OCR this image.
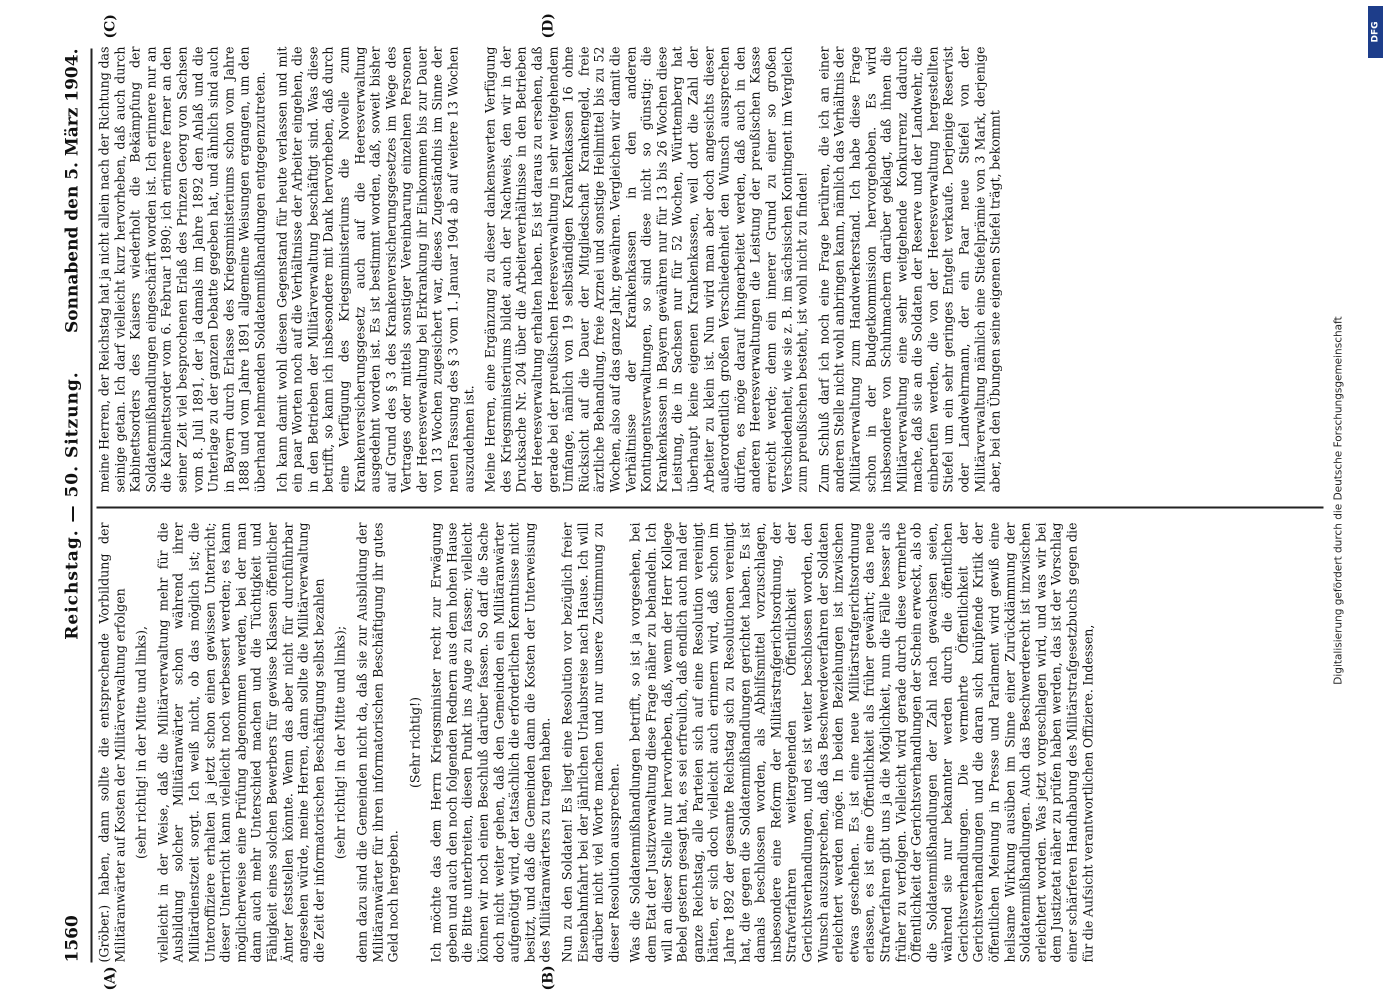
1560
Reichstag. — 50. Sitzung.
Sonnabend den 5. März 1904.
(A)	(B)
(C)	(D)

(Gröber.) haben, dann sollte die entsprechende Vorbildung der Militäranwärter auf Kosten der Militärverwaltung erfolgen (sehr richtig! in der Mitte und links), vielleicht in der Weise, daß die Militärverwaltung mehr für die Ausbildung solcher Militäranwärter schon während ihrer Militärdienstzeit sorgt. Ich weiß nicht, ob das möglich ist; die Unteroffiziere erhalten ja jetzt schon einen gewissen Unterricht; dieser Unterricht kann vielleicht noch verbessert werden; es kann möglicherweise eine Prüfung abgenommen werden, bei der man dann auch mehr Unterschied machen und die Tüchtigkeit und Fähigkeit eines solchen Bewerbers für gewisse Klassen öffentlicher Ämter feststellen könnte. Wenn das aber nicht für durchführbar angesehen würde, meine Herren, dann sollte die Militärverwaltung die Zeit der informatorischen Beschäftigung selbst bezahlen (sehr richtig! in der Mitte und links); denn dazu sind die Gemeinden nicht da, daß sie zur Ausbildung der Militäranwärter für ihren informatorischen Beschäftigung ihr gutes Geld noch hergeben.

(Sehr richtig!) Ich möchte das dem Herrn Kriegsminister recht zur Erwägung geben und auch den noch folgenden Rednern aus dem hohen Hause die Bitte unterbreiten, diesen Punkt ins Auge zu fassen; vielleicht können wir noch einen Beschluß darüber fassen. So darf die Sache doch nicht weiter gehen, daß den Gemeinden ein Militäranwärter aufgenötigt wird, der tatsächlich die erforderlichen Kenntnisse nicht besitzt, und daß die Gemeinden dann die Kosten der Unterweisung des Militäranwärters zu tragen haben. Nun zu den Soldaten! Es liegt eine Resolution vor bezüglich freier Eisenbahnfahrt bei der jährlichen Urlaubsreise nach Hause. Ich will darüber nicht viel Worte machen und nur unsere Zustimmung zu dieser Resolution aussprechen. Was die Soldatenmißhandlungen betrifft, so ist ja vorgesehen, bei dem Etat der Justizverwaltung diese Frage näher zu behandeln. Ich will an dieser Stelle nur hervorheben, daß, wenn der Herr Kollege Bebel gestern gesagt hat, es sei erfreulich, daß endlich auch mal der ganze Reichstag, alle Parteien sich auf eine Resolution vereinigt hätten, er sich doch vielleicht auch erinnern wird, daß schon im Jahre 1892 der gesamte Reichstag sich zu Resolutionen vereinigt hat, die gegen die Soldatenmißhandlungen gerichtet haben. Es ist damals beschlossen worden, als Abhilfsmittel vorzuschlagen, insbesondere eine Reform der Militärstrafgerichtsordnung, der Strafverfahren weitergehenden Öffentlichkeit der Gerichtsverhandlungen, und es ist weiter beschlossen worden, den Wunsch auszusprechen, daß das Beschwerdeverfahren der Soldaten erleichtert werden möge. In beiden Beziehungen ist inzwischen etwas geschehen. Es ist eine neue Militärstrafgerichtsordnung erlassen, es ist eine Öffentlichkeit als früher gewährt; das neue Strafverfahren gibt uns ja die Möglichkeit, nun die Fälle besser als früher zu verfolgen. Vielleicht wird gerade durch diese vermehrte Öffentlichkeit der Gerichtsverhandlungen der Schein erweckt, als ob die Soldatenmißhandlungen der Zahl nach gewachsen seien, während sie nur bekannter werden durch die öffentlichen Gerichtsverhandlungen. Die vermehrte Öffentlichkeit der Gerichtsverhandlungen und die daran sich knüpfende Kritik der öffentlichen Meinung in Presse und Parlament wird gewiß eine heilsame Wirkung ausüben im Sinne einer Zurückdämmung der Soldatenmißhandlungen. Auch das Beschwerderecht ist inzwischen erleichtert worden. Was jetzt vorgeschlagen wird, und was wir bei dem Justizetat näher zu prüfen haben werden, das ist der Vorschlag einer schärferen Handhabung des Militärstrafgesetzbuchs gegen die für die Aufsicht verantwortlichen Offiziere. Indessen,

meine Herren, der Reichstag hat ja nicht allein nach der Richtung das seinige getan. Ich darf vielleicht kurz hervorheben, daß auch durch Kabinettsorders des Kaisers wiederholt die Bekämpfung der Soldatenmißhandlungen eingeschärft worden ist. Ich erinnere nur an die Kabinettsorder vom 6. Februar 1890; ich erinnere ferner an den seiner Zeit viel besprochenen Erlaß des Prinzen Georg von Sachsen vom 8. Juli 1891, der ja damals im Jahre 1892 den Anlaß und die Unterlage zu der ganzen Debatte gegeben hat, und ähnlich sind auch in Bayern durch Erlasse des Kriegsministeriums schon vom Jahre 1888 und vom Jahre 1891 allgemeine Weisungen ergangen, um den überhand nehmenden Soldatenmißhandlungen entgegenzutreten. Ich kann damit wohl diesen Gegenstand für heute verlassen und mit ein paar Worten noch auf die Verhältnisse der Arbeiter eingehen, die in den Betrieben der Militärverwaltung beschäftigt sind. Was diese betrifft, so kann ich insbesondere mit Dank hervorheben, daß durch eine Verfügung des Kriegsministeriums die Novelle zum Krankenversicherungsgesetz auch auf die Heeresverwaltung ausgedehnt worden ist. Es ist bestimmt worden, daß, soweit bisher auf Grund des § 3 des Krankenversicherungsgesetzes im Wege des Vertrages oder mittels sonstiger Vereinbarung einzelnen Personen der Heeresverwaltung bei Erkrankung ihr Einkommen bis zur Dauer von 13 Wochen zugesichert war, dieses Zugeständnis im Sinne der neuen Fassung des § 3 vom 1. Januar 1904 ab auf weitere 13 Wochen auszudehnen ist. Meine Herren, eine Ergänzung zu dieser dankenswerten Verfügung des Kriegsministeriums bildet auch der Nachweis, den wir in der Drucksache Nr. 204 über die Arbeiterverhältnisse in den Betrieben der Heeresverwaltung erhalten haben. Es ist daraus zu ersehen, daß gerade bei der preußischen Heeresverwaltung in sehr weitgehendem Umfange, nämlich von 19 selbständigen Krankenkassen 16 ohne Rücksicht auf die Dauer der Mitgliedschaft Krankengeld, freie ärztliche Behandlung, freie Arznei und sonstige Heilmittel bis zu 52 Wochen, also auf das ganze Jahr, gewähren. Vergleichen wir damit die Verhältnisse der Krankenkassen in den anderen Kontingentsverwaltungen, so sind diese nicht so günstig: die Krankenkassen in Bayern gewähren nur für 13 bis 26 Wochen diese Leistung, die in Sachsen nur für 52 Wochen, Württemberg hat überhaupt keine eigenen Krankenkassen, weil dort die Zahl der Arbeiter zu klein ist. Nun wird man aber doch angesichts dieser außerordentlich großen Verschiedenheit den Wunsch aussprechen dürfen, es möge darauf hingearbeitet werden, daß auch in den anderen Heeresverwaltungen die Leistung der preußischen Kasse erreicht werde; denn ein innerer Grund zu einer so großen Verschiedenheit, wie sie z. B. im sächsischen Kontingent im Vergleich zum preußischen besteht, ist wohl nicht zu finden! Zum Schluß darf ich noch eine Frage berühren, die ich an einer anderen Stelle nicht wohl anbringen kann, nämlich das Verhältnis der Militärverwaltung zum Handwerkerstand. Ich habe diese Frage schon in der Budgetkommission hervorgehoben. Es wird insbesondere von Schuhmachern darüber geklagt, daß ihnen die Militärverwaltung eine sehr weitgehende Konkurrenz dadurch mache, daß sie an die Soldaten der Reserve und der Landwehr, die einberufen werden, die von der Heeresverwaltung hergestellten Stiefel um ein sehr geringes Entgelt verkaufe. Derjenige Reservist oder Landwehrmann, der ein Paar neue Stiefel von der Militärverwaltung nämlich eine Stiefelprämie von 3 Mark, derjenige aber, bei den Übungen seine eigenen Stiefel trägt, bekommt

Digitalisierung gefördert durch die Deutsche Forschungsgemeinschaft
DFG
